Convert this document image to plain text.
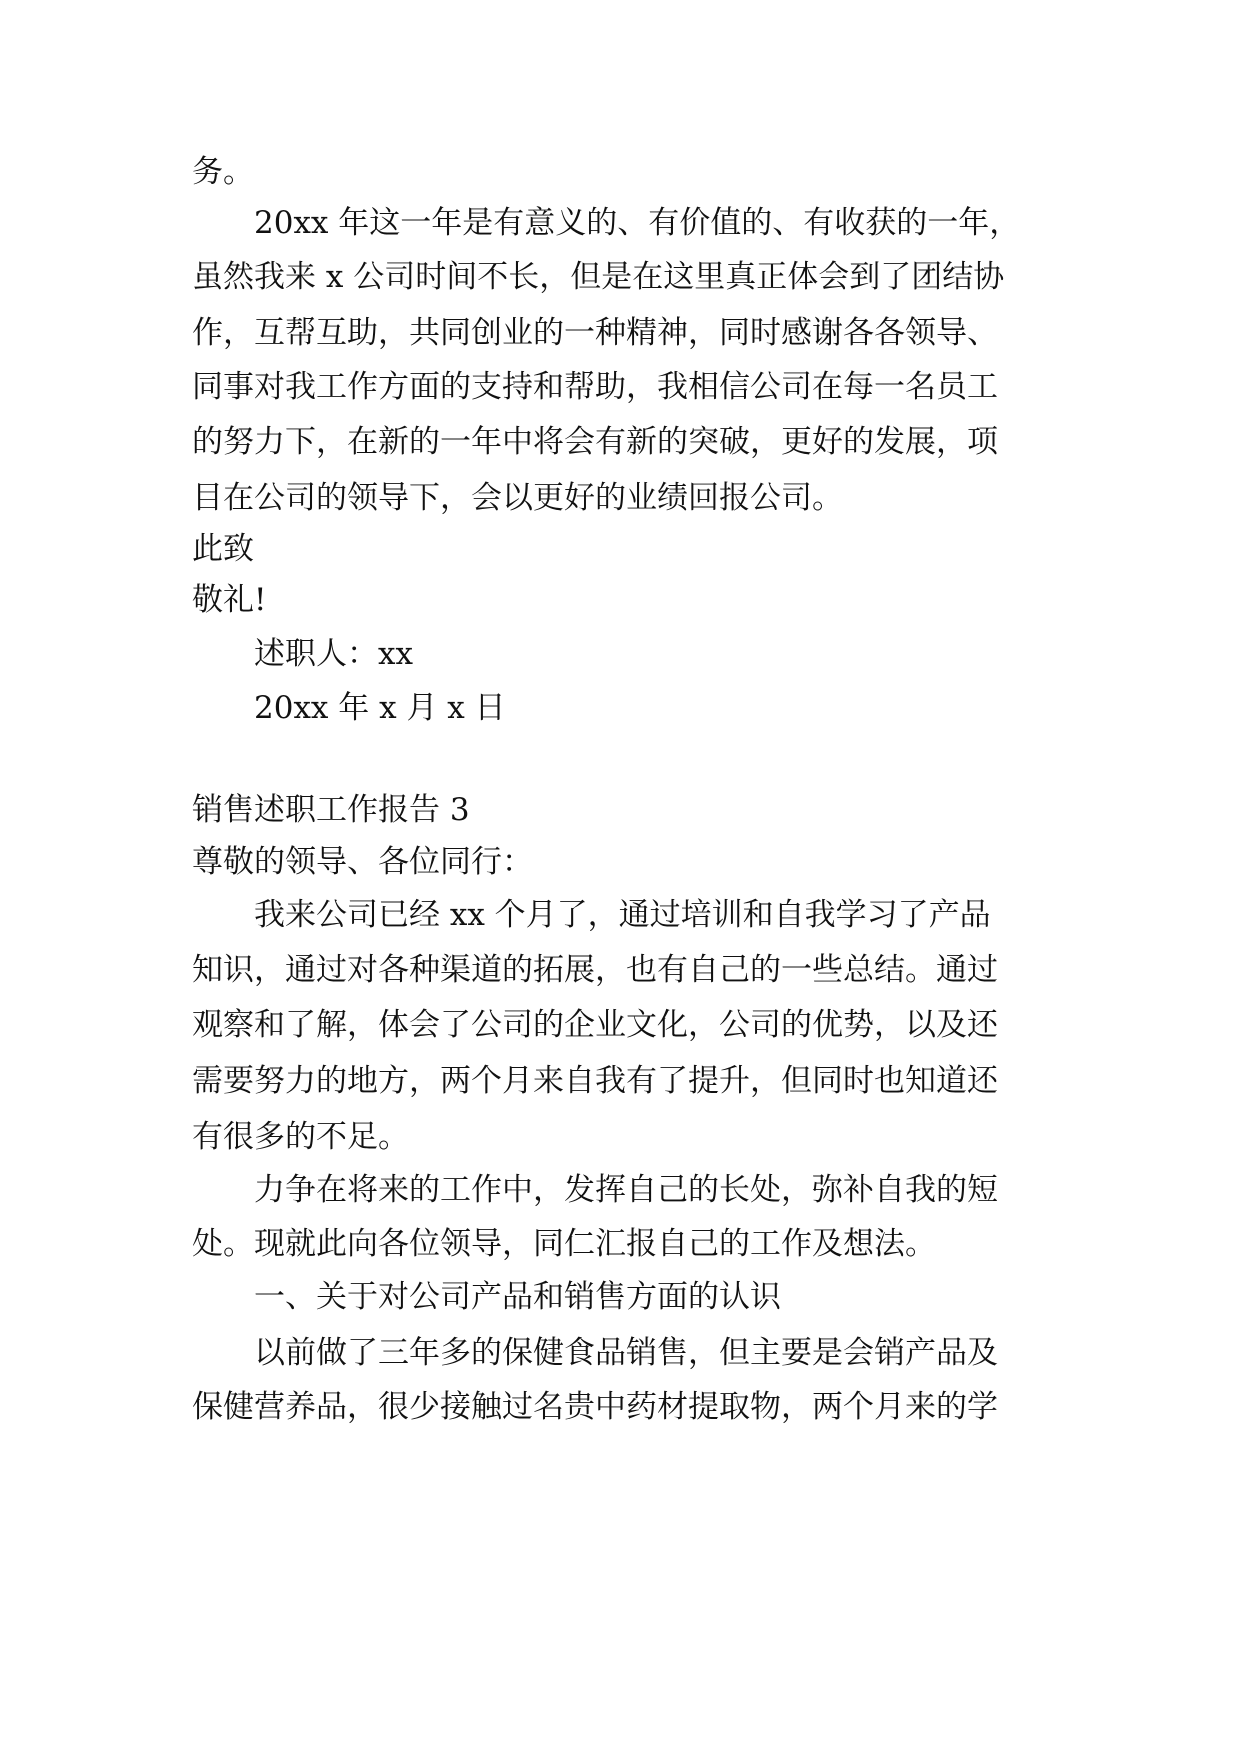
务。
20xx 年这一年是有意义的、有价值的、有收获的一年，
虽然我来 x 公司时间不长，但是在这里真正体会到了团结协
作，互帮互助，共同创业的一种精神，同时感谢各各领导、
同事对我工作方面的支持和帮助，我相信公司在每一名员工
的努力下，在新的一年中将会有新的突破，更好的发展，项
目在公司的领导下，会以更好的业绩回报公司。
此致
敬礼!
述职人：xx
20xx 年 x 月 x 日
销售述职工作报告 3
尊敬的领导、各位同行：
我来公司已经 xx 个月了，通过培训和自我学习了产品
知识，通过对各种渠道的拓展，也有自己的一些总结。通过
观察和了解，体会了公司的企业文化，公司的优势，以及还
需要努力的地方，两个月来自我有了提升，但同时也知道还
有很多的不足。
力争在将来的工作中，发挥自己的长处，弥补自我的短
处。现就此向各位领导，同仁汇报自己的工作及想法。
一、关于对公司产品和销售方面的认识
以前做了三年多的保健食品销售，但主要是会销产品及
保健营养品，很少接触过名贵中药材提取物，两个月来的学
